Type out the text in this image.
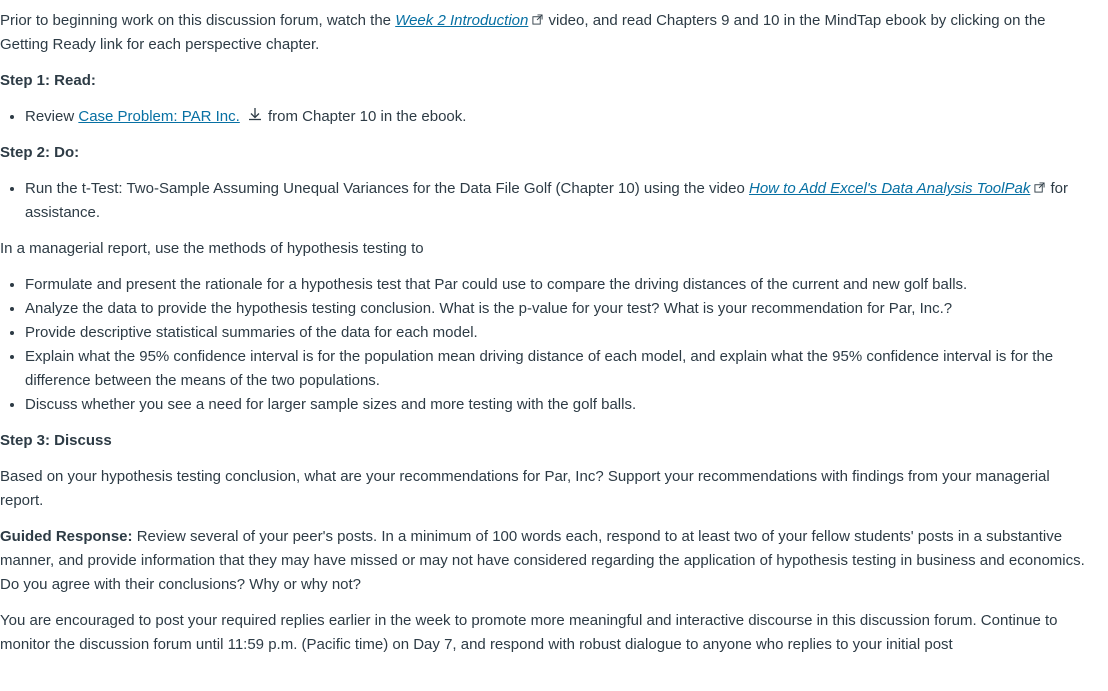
Prior to beginning work on this discussion forum, watch the Week 2 Introduction video, and read Chapters 9 and 10 in the MindTap ebook by clicking on the Getting Ready link for each perspective chapter.

Step 1: Read:

• Review Case Problem: PAR Inc. from Chapter 10 in the ebook.

Step 2: Do:

• Run the t-Test: Two-Sample Assuming Unequal Variances for the Data File Golf (Chapter 10) using the video How to Add Excel's Data Analysis ToolPak for assistance.

In a managerial report, use the methods of hypothesis testing to

• Formulate and present the rationale for a hypothesis test that Par could use to compare the driving distances of the current and new golf balls.
• Analyze the data to provide the hypothesis testing conclusion. What is the p-value for your test? What is your recommendation for Par, Inc.?
• Provide descriptive statistical summaries of the data for each model.
• Explain what the 95% confidence interval is for the population mean driving distance of each model, and explain what the 95% confidence interval is for the difference between the means of the two populations.
• Discuss whether you see a need for larger sample sizes and more testing with the golf balls.

Step 3: Discuss

Based on your hypothesis testing conclusion, what are your recommendations for Par, Inc? Support your recommendations with findings from your managerial report.

Guided Response: Review several of your peer's posts. In a minimum of 100 words each, respond to at least two of your fellow students' posts in a substantive manner, and provide information that they may have missed or may not have considered regarding the application of hypothesis testing in business and economics. Do you agree with their conclusions? Why or why not?

You are encouraged to post your required replies earlier in the week to promote more meaningful and interactive discourse in this discussion forum. Continue to monitor the discussion forum until 11:59 p.m. (Pacific time) on Day 7, and respond with robust dialogue to anyone who replies to your initial post
